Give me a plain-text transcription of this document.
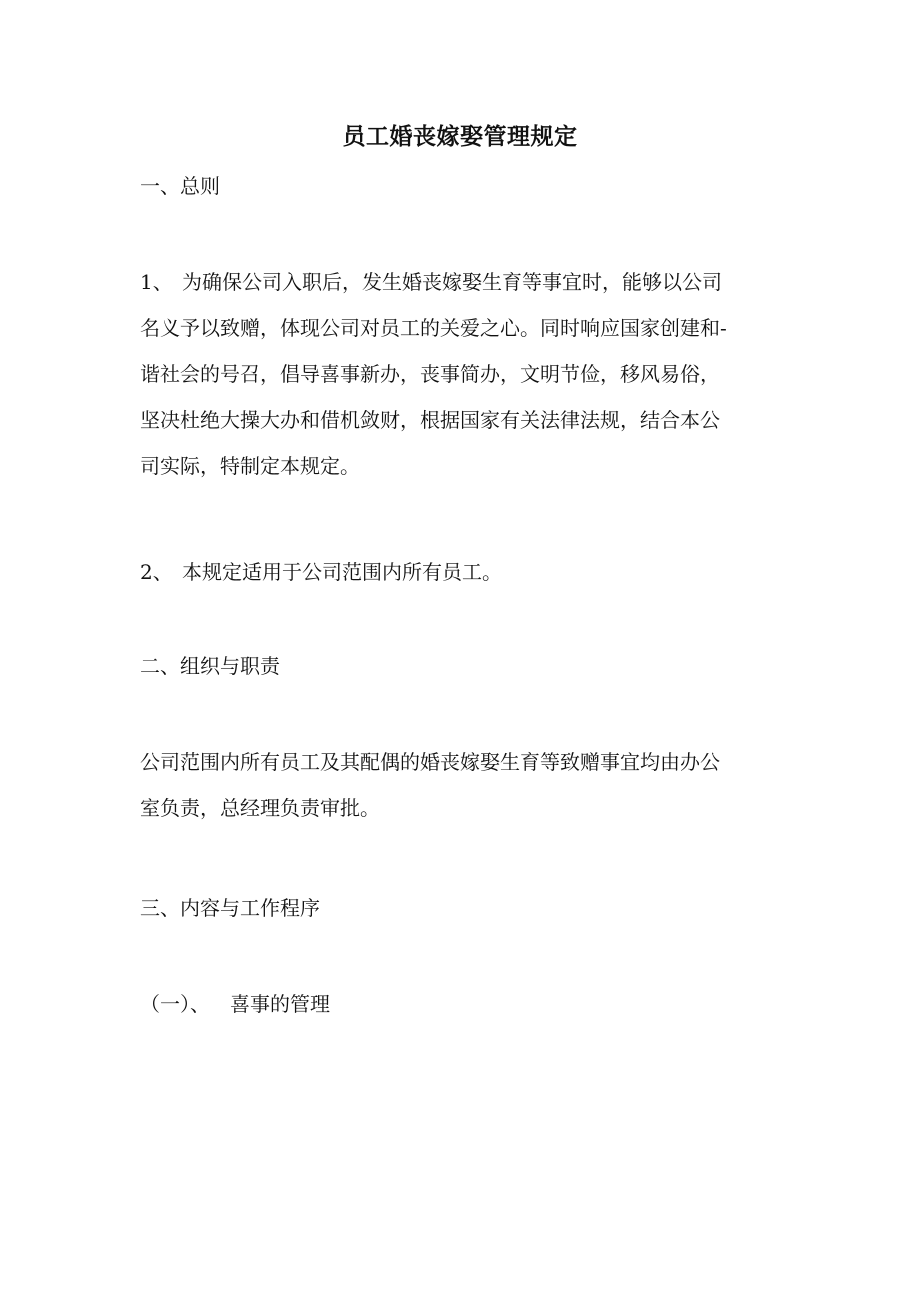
员工婚丧嫁娶管理规定
一、总则
1、 为确保公司入职后，发生婚丧嫁娶生育等事宜时，能够以公司
名义予以致赠，体现公司对员工的关爱之心。同时响应国家创建和-
谐社会的号召，倡导喜事新办，丧事简办，文明节俭，移风易俗，
坚决杜绝大操大办和借机敛财，根据国家有关法律法规，结合本公
司实际，特制定本规定。
2、 本规定适用于公司范围内所有员工。
二、组织与职责
公司范围内所有员工及其配偶的婚丧嫁娶生育等致赠事宜均由办公
室负责，总经理负责审批。
三、内容与工作程序
（一）、 喜事的管理
